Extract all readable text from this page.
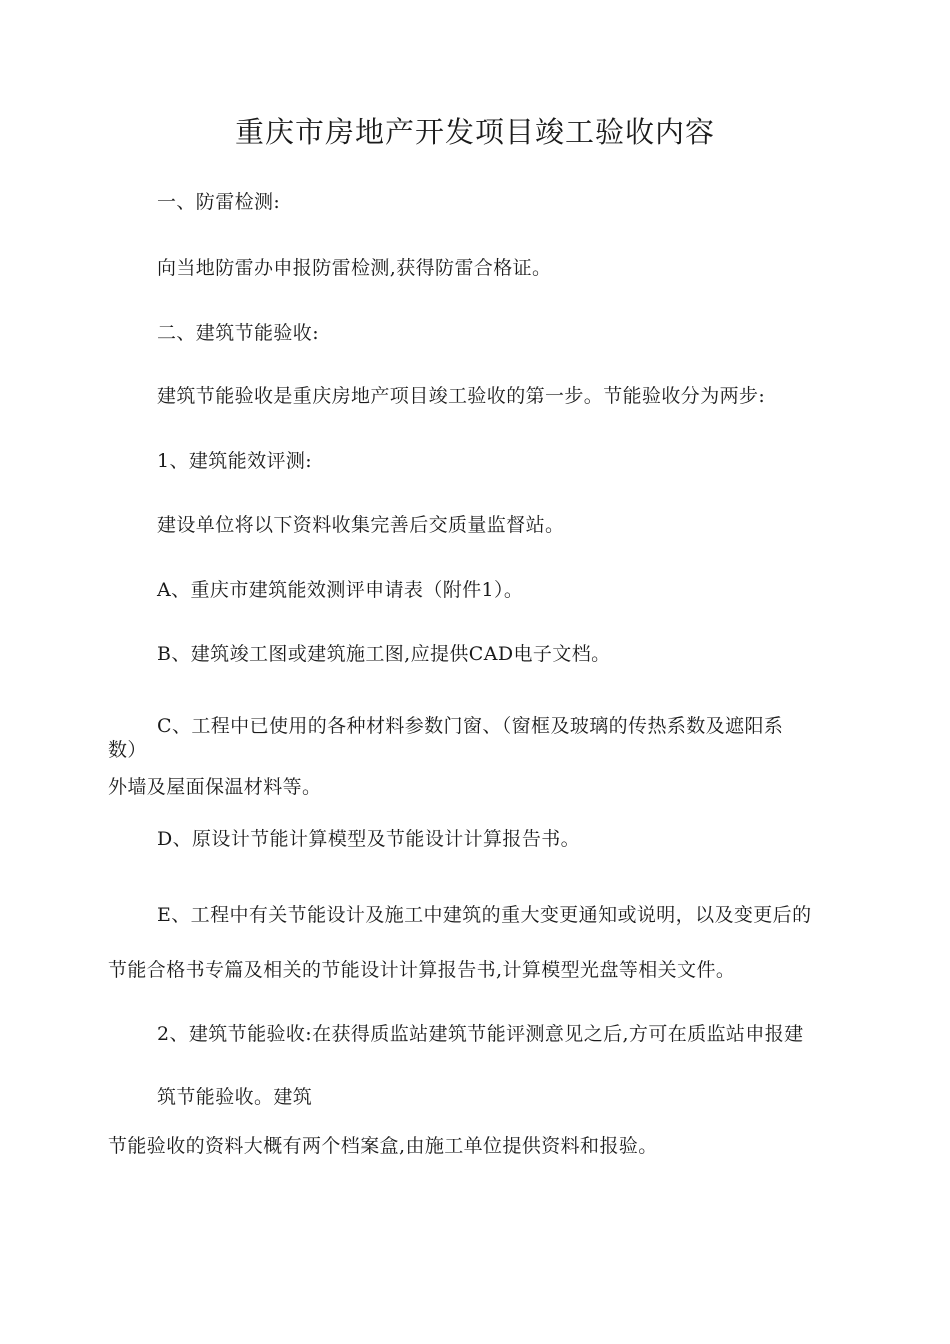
重庆市房地产开发项目竣工验收内容
一、防雷检测:
向当地防雷办申报防雷检测,获得防雷合格证。
二、建筑节能验收:
建筑节能验收是重庆房地产项目竣工验收的第一步。节能验收分为两步:
1、建筑能效评测:
建设单位将以下资料收集完善后交质量监督站。
A、重庆市建筑能效测评申请表（附件1）。
B、建筑竣工图或建筑施工图,应提供CAD电子文档。
C、工程中已使用的各种材料参数门窗、（窗框及玻璃的传热系数及遮阳系
数）
外墙及屋面保温材料等。
D、原设计节能计算模型及节能设计计算报告书。
E、工程中有关节能设计及施工中建筑的重大变更通知或说明，以及变更后的
节能合格书专篇及相关的节能设计计算报告书,计算模型光盘等相关文件。
2、建筑节能验收:在获得质监站建筑节能评测意见之后,方可在质监站申报建
筑节能验收。建筑
节能验收的资料大概有两个档案盒,由施工单位提供资料和报验。
